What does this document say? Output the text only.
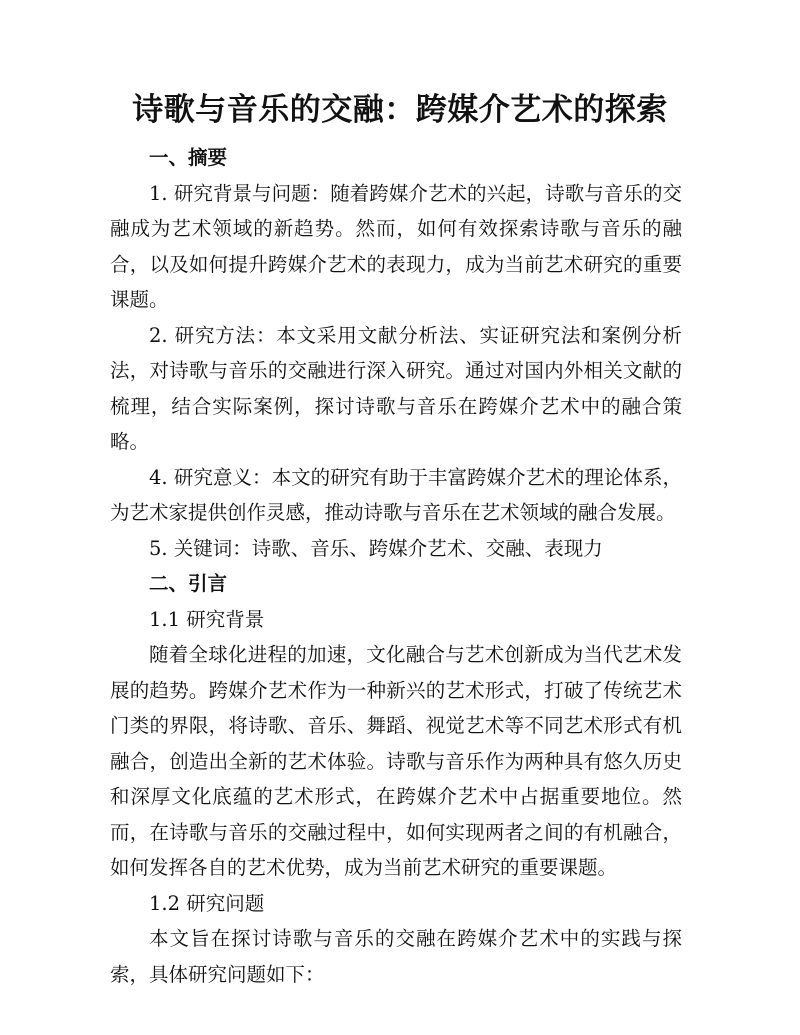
诗歌与音乐的交融：跨媒介艺术的探索

一、摘要

1. 研究背景与问题：随着跨媒介艺术的兴起，诗歌与音乐的交融成为艺术领域的新趋势。然而，如何有效探索诗歌与音乐的融合，以及如何提升跨媒介艺术的表现力，成为当前艺术研究的重要课题。

2. 研究方法：本文采用文献分析法、实证研究法和案例分析法，对诗歌与音乐的交融进行深入研究。通过对国内外相关文献的梳理，结合实际案例，探讨诗歌与音乐在跨媒介艺术中的融合策略。

4. 研究意义：本文的研究有助于丰富跨媒介艺术的理论体系，为艺术家提供创作灵感，推动诗歌与音乐在艺术领域的融合发展。

5. 关键词：诗歌、音乐、跨媒介艺术、交融、表现力

二、引言

1.1 研究背景

随着全球化进程的加速，文化融合与艺术创新成为当代艺术发展的趋势。跨媒介艺术作为一种新兴的艺术形式，打破了传统艺术门类的界限，将诗歌、音乐、舞蹈、视觉艺术等不同艺术形式有机融合，创造出全新的艺术体验。诗歌与音乐作为两种具有悠久历史和深厚文化底蕴的艺术形式，在跨媒介艺术中占据重要地位。然而，在诗歌与音乐的交融过程中，如何实现两者之间的有机融合，如何发挥各自的艺术优势，成为当前艺术研究的重要课题。

1.2 研究问题

本文旨在探讨诗歌与音乐的交融在跨媒介艺术中的实践与探索，具体研究问题如下：
